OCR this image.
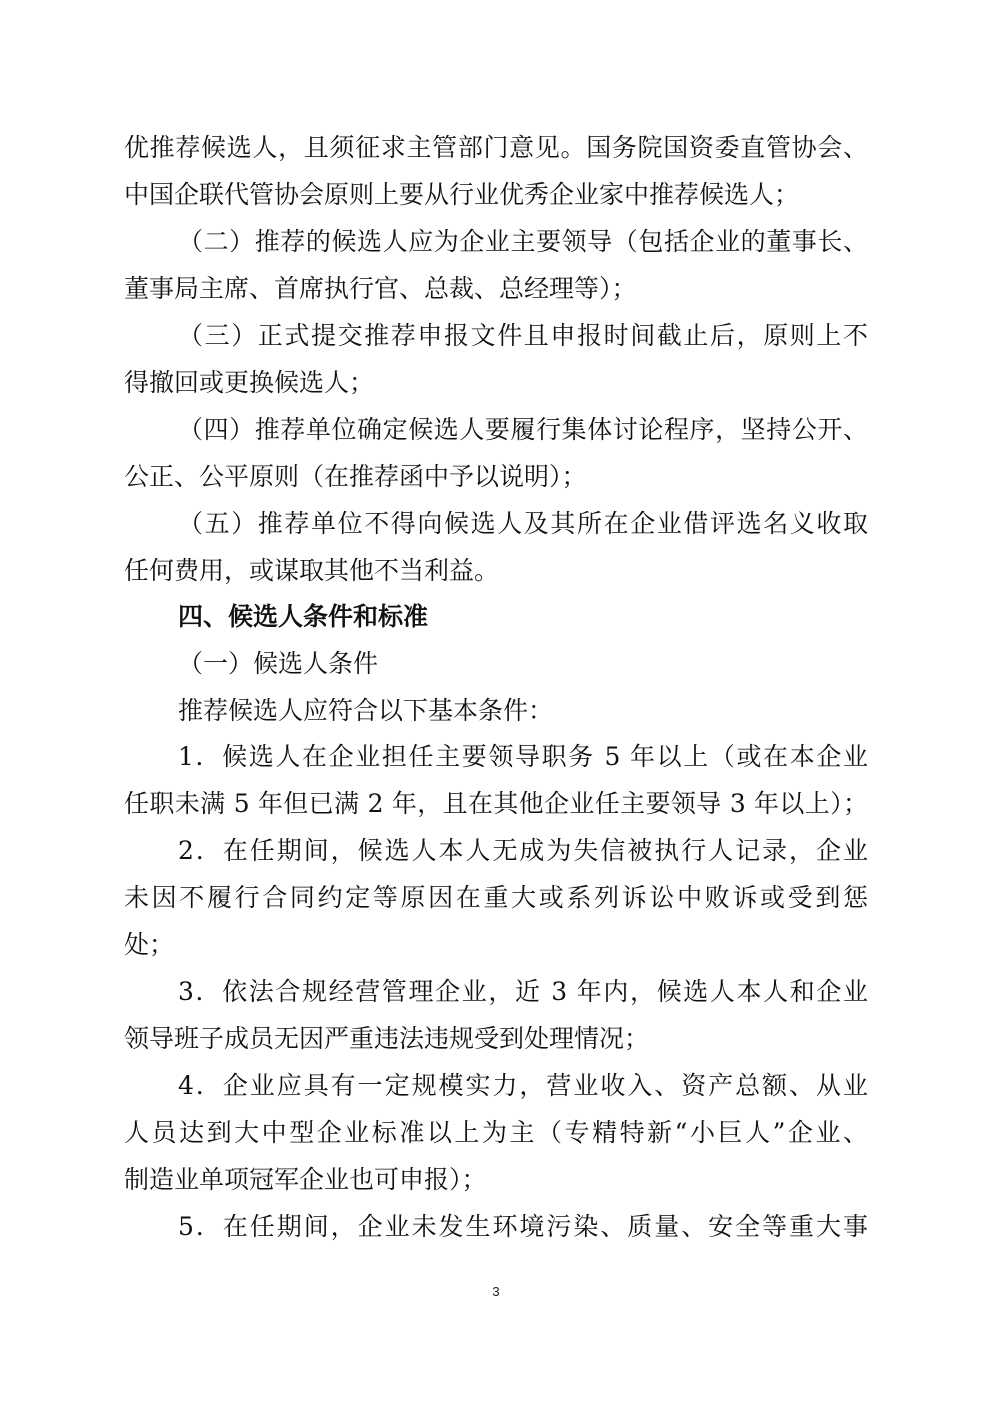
优推荐候选人，且须征求主管部门意见。国务院国资委直管协会、
中国企联代管协会原则上要从行业优秀企业家中推荐候选人；
（二）推荐的候选人应为企业主要领导（包括企业的董事长、
董事局主席、首席执行官、总裁、总经理等）；
（三）正式提交推荐申报文件且申报时间截止后，原则上不
得撤回或更换候选人；
（四）推荐单位确定候选人要履行集体讨论程序，坚持公开、
公正、公平原则（在推荐函中予以说明）；
（五）推荐单位不得向候选人及其所在企业借评选名义收取
任何费用，或谋取其他不当利益。
四、候选人条件和标准
（一）候选人条件
推荐候选人应符合以下基本条件：
1．候选人在企业担任主要领导职务 5 年以上（或在本企业
任职未满 5 年但已满 2 年，且在其他企业任主要领导 3 年以上）；
2．在任期间，候选人本人无成为失信被执行人记录，企业
未因不履行合同约定等原因在重大或系列诉讼中败诉或受到惩
处；
3．依法合规经营管理企业，近 3 年内，候选人本人和企业
领导班子成员无因严重违法违规受到处理情况；
4．企业应具有一定规模实力，营业收入、资产总额、从业
人员达到大中型企业标准以上为主（专精特新“小巨人”企业、
制造业单项冠军企业也可申报）；
5．在任期间，企业未发生环境污染、质量、安全等重大事
3
